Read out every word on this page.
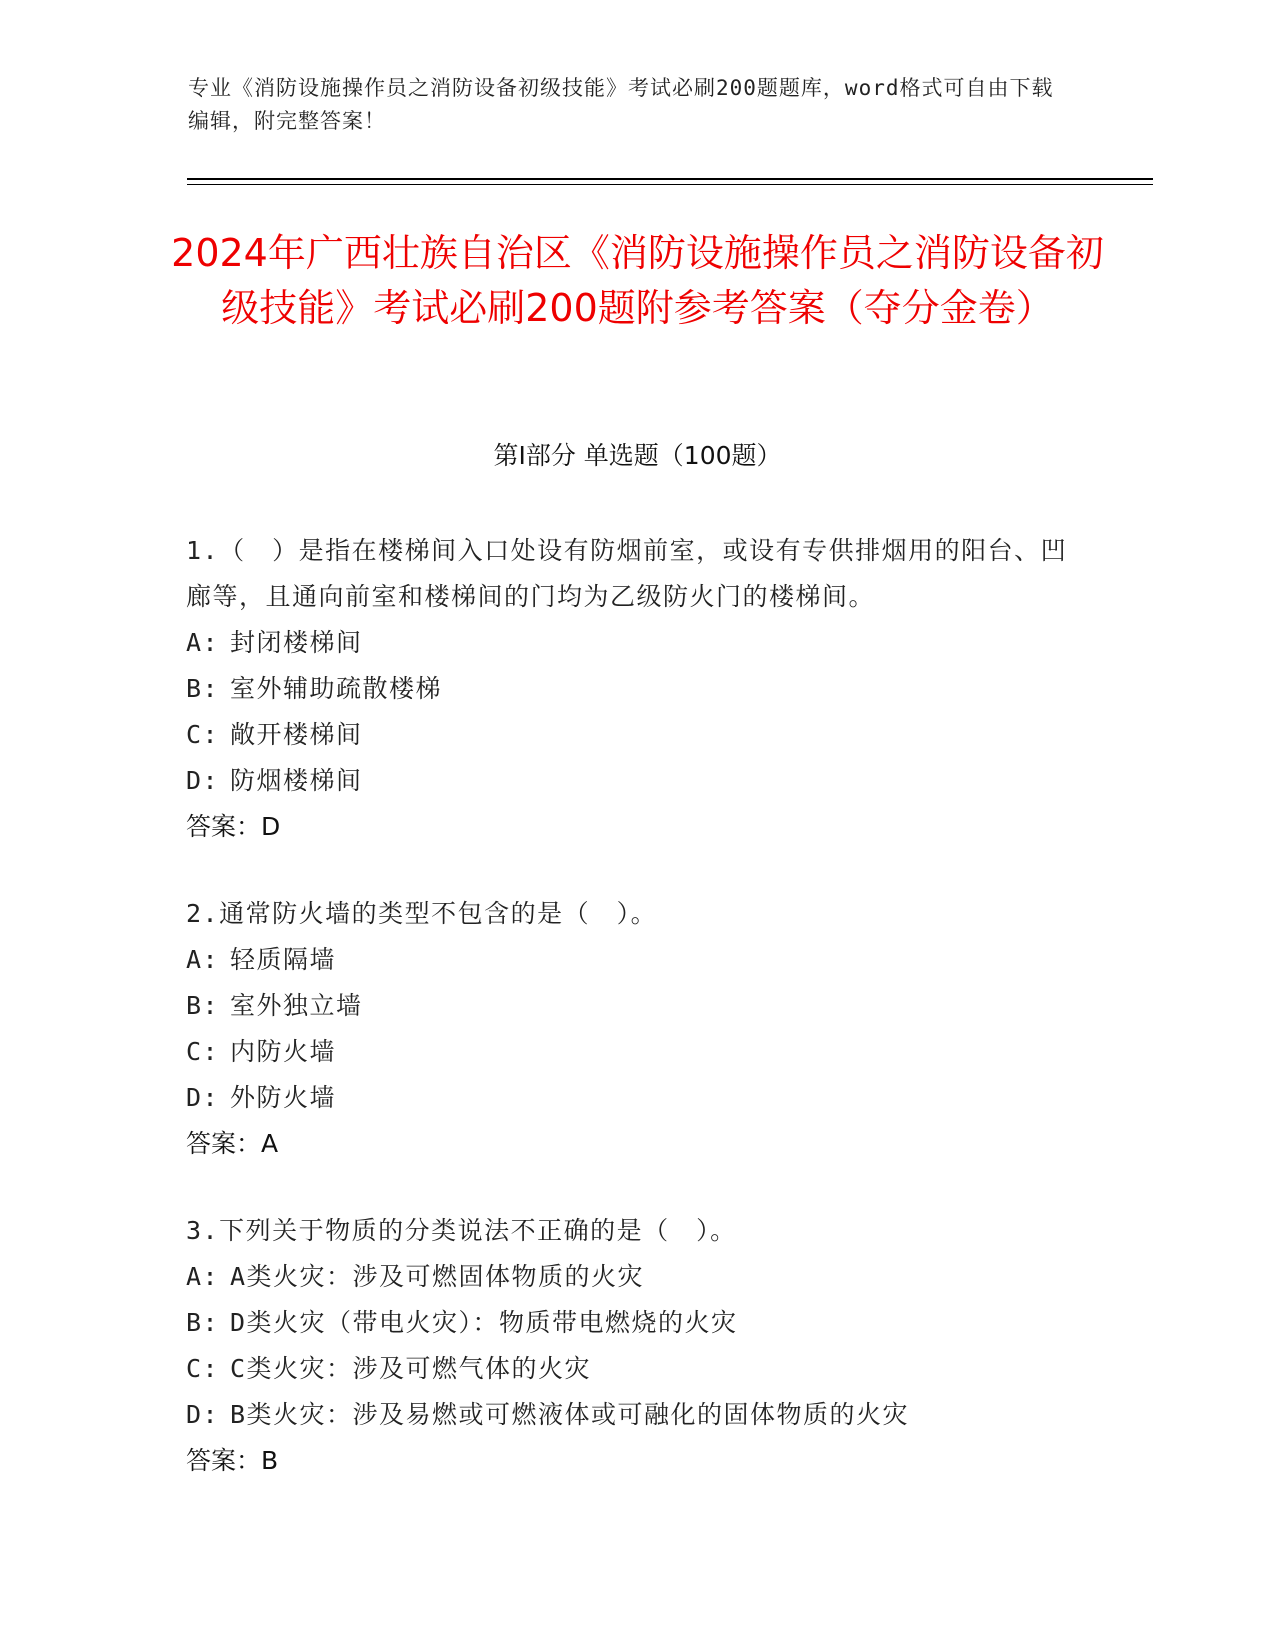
专业《消防设施操作员之消防设备初级技能》考试必刷200题题库，word格式可自由下载编辑，附完整答案！
2024年广西壮族自治区《消防设施操作员之消防设备初级技能》考试必刷200题附参考答案（夺分金卷）
第I部分 单选题（100题）
1.（　）是指在楼梯间入口处设有防烟前室，或设有专供排烟用的阳台、凹廊等，且通向前室和楼梯间的门均为乙级防火门的楼梯间。
A: 封闭楼梯间
B: 室外辅助疏散楼梯
C: 敞开楼梯间
D: 防烟楼梯间
答案：D
2.通常防火墙的类型不包含的是（　）。
A: 轻质隔墙
B: 室外独立墙
C: 内防火墙
D: 外防火墙
答案：A
3.下列关于物质的分类说法不正确的是（　）。
A: A类火灾：涉及可燃固体物质的火灾
B: D类火灾（带电火灾）：物质带电燃烧的火灾
C: C类火灾：涉及可燃气体的火灾
D: B类火灾：涉及易燃或可燃液体或可融化的固体物质的火灾
答案：B
